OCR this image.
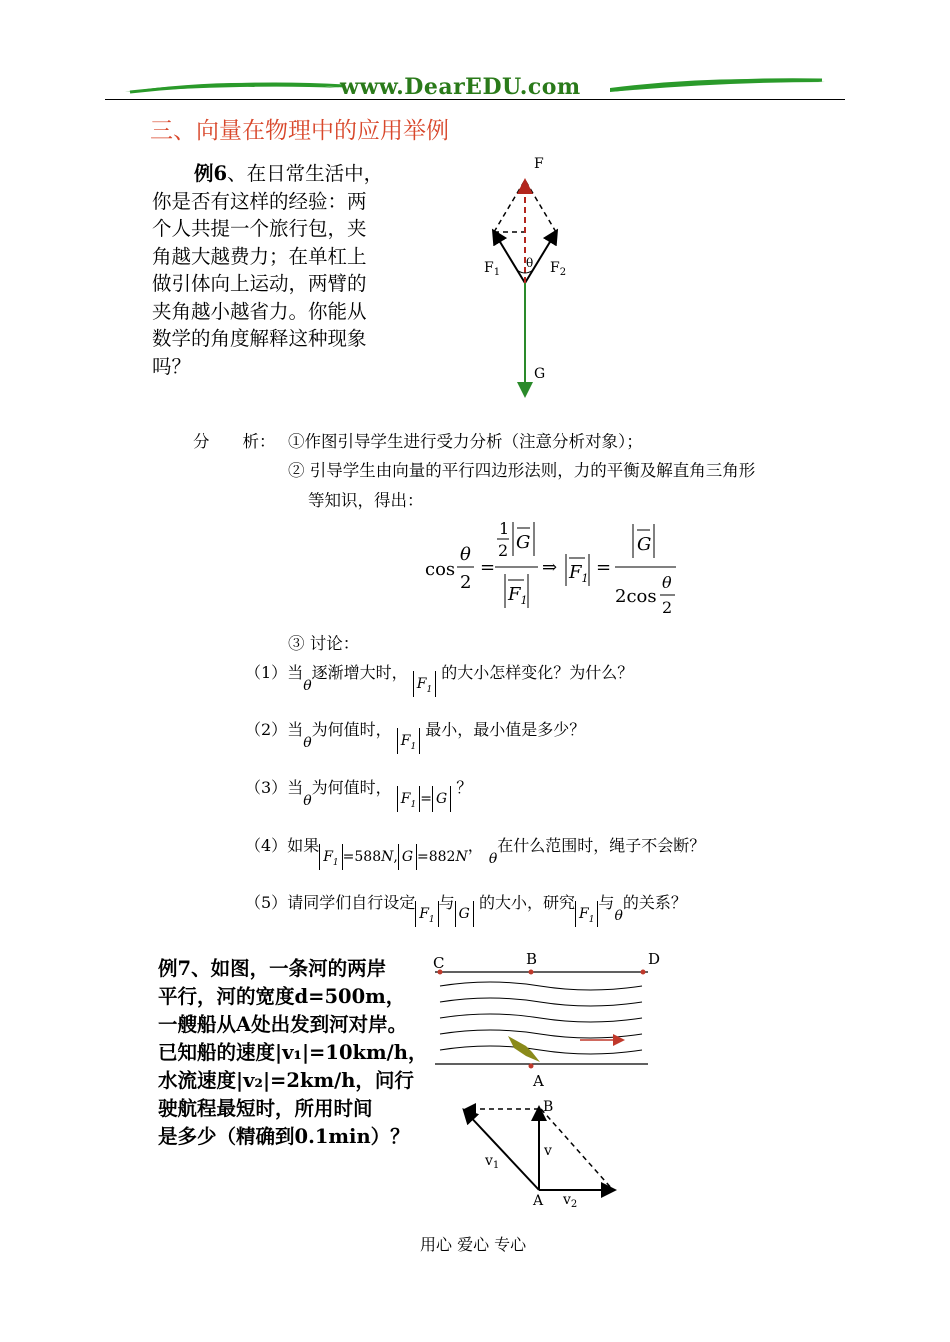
www.DearEDU.com
三、向量在物理中的应用举例
例6、在日常生活中，
你是否有这样的经验：两
个人共提一个旅行包，夹
角越大越费力；在单杠上
做引体向上运动，两臂的
夹角越小越省力。你能从
数学的角度解释这种现象
吗？
F
$F_1$	$F_2$
θ
G
分　　析： ①作图引导学生进行受力分析（注意分析对象）；
② 引导学生由向量的平行四边形法则，力的平衡及解直角三角形
等知识，得出：
cos
θ
2
=
1
2 G
$F_1$
⇒ $F_1$
=
G
2cos
θ
2
③ 讨论：
（1）当θ逐渐增大时， $F_1$ 的大小怎样变化？为什么？
（2）当θ为何值时， $F_1$ 最小，最小值是多少？
（3）当θ为何值时， $F_1 = G$ ？
（4）如果$F_1 =588N$, G =882N， θ在什么范围时，绳子不会断？
（5）请同学们自行设定$F_1$与G 的大小，研究$F_1$与θ的关系？
例7、如图，一条河的两岸
平行，河的宽度d=500m，
一艘船从A处出发到河对岸。
已知船的速度|v₁|=10km/h，
水流速度|v₂|=2km/h，问行
驶航程最短时，所用时间
是多少（精确到0.1min）？
C	B	D
A
B
A
$v_1$
v
$v_2$
用心 爱心 专心
